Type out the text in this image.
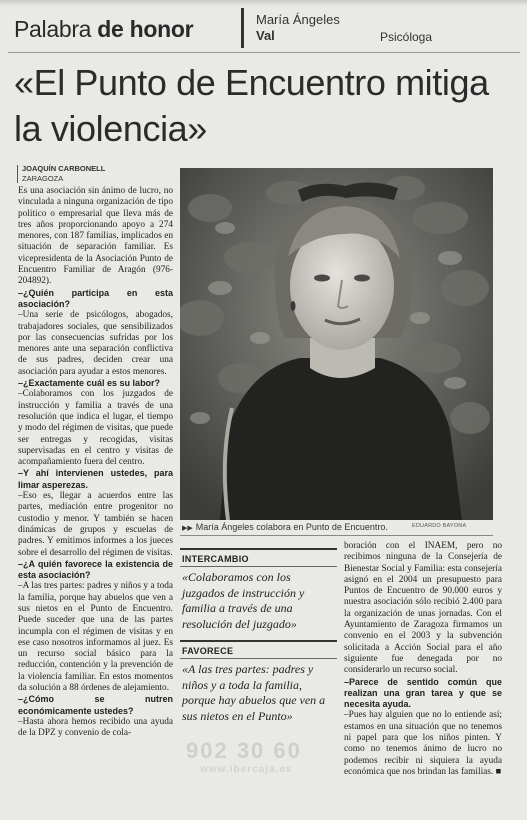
Palabra de honor	María Ángeles
Val	Psicóloga
«El Punto de Encuentro mitiga la violencia»
JOAQUÍN CARBONELL
ZARAGOZA

Es una asociación sin ánimo de lucro, no vinculada a ninguna organización de tipo político o empresarial que lleva más de tres años proporcionando apoyo a 274 menores, con 187 familias, implicados en situación de separación familiar. Es vicepresidenta de la Asociación Punto de Encuentro Familiar de Aragón (976-204892).

–¿Quién participa en esta asociación?

–Una serie de psicólogos, abogados, trabajadores sociales, que sensibilizados por las consecuencias sufridas por los menores ante una separación conflictiva de sus padres, deciden crear una asociación para ayudar a estos menores.

–¿Exactamente cuál es su labor?

–Colaboramos con los juzgados de instrucción y familia a través de una resolución que indica el lugar, el tiempo y modo del régimen de visitas, que puede ser entregas y recogidas, visitas supervisadas en el centro y visitas de acompañamiento fuera del centro.

–Y ahí intervienen ustedes, para limar asperezas.

–Eso es, llegar a acuerdos entre las partes, mediación entre progenitor no custodio y menor. Y también se hacen dinámicas de grupos y escuelas de padres. Y emitimos informes a los jueces sobre el desarrollo del régimen de visitas.

–¿A quién favorece la existencia de esta asociación?

–A las tres partes: padres y niños y a toda la familia, porque hay abuelos que ven a sus nietos en el Punto de Encuentro. Puede suceder que una de las partes incumpla con el régimen de visitas y en ese caso nosotros informamos al juez. Es un recurso social básico para la reducción, contención y la prevención de la violencia familiar. En estos momentos da solución a 88 órdenes de alejamiento.

–¿Cómo se nutren económicamente ustedes?

–Hasta ahora hemos recibido una ayuda de la DPZ y convenio de cola-

EDUARDO BAYONA
▶▶ María Ángeles colabora en Punto de Encuentro.
INTERCAMBIO
«Colaboramos con los juzgados de instrucción y familia a través de una resolución del juzgado»
FAVORECE
«A las tres partes: padres y niños y a toda la familia, porque hay abuelos que ven a sus nietos en el Punto»
902 30 60
www.ibercaja.es

boración con el INAEM, pero no recibimos ninguna de la Consejería de Bienestar Social y Familia: esta consejería asignó en el 2004 un presupuesto para Puntos de Encuentro de 90.000 euros y nuestra asociación sólo recibió 2.400 para la organización de unas jornadas. Con el Ayuntamiento de Zaragoza firmamos un convenio en el 2003 y la subvención solicitada a Acción Social para el año siguiente fue denegada por no considerarlo un recurso social.

–Parece de sentido común que realizan una gran tarea y que se necesita ayuda.

–Pues hay alguien que no lo entiende así; estamos en una situación que no tenemos ni papel para que los niños pinten. Y como no tenemos ánimo de lucro no podemos recibir ni siquiera la ayuda económica que nos brindan las familias. ■
